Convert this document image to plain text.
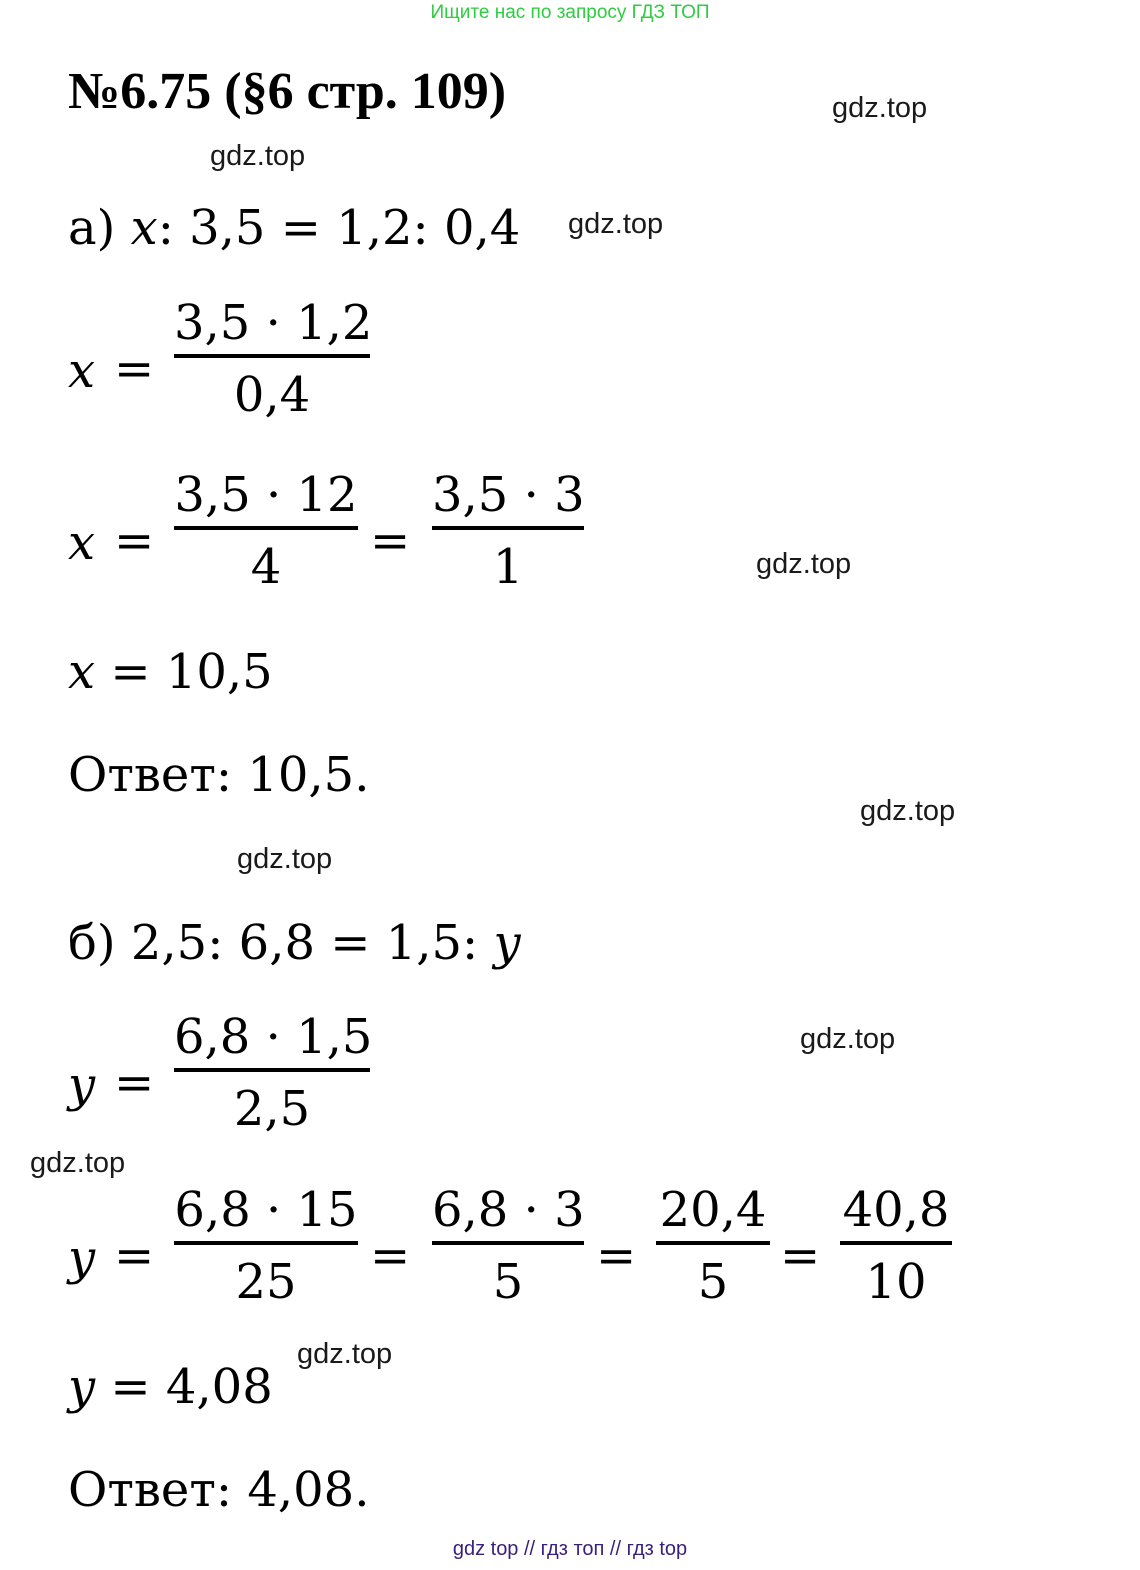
Ищите нас по запросу ГДЗ ТОП
№6.75 (§6 стр. 109)	gdz.top
gdz.top
gdz.top
gdz.top
gdz.top
gdz.top
gdz.top
gdz.top
gdz.top
а) x: 3,5 = 1,2: 0,4
x =
3,5 · 1,2
0,4
x =
3,5 · 12
4	=
3,5 · 3
1
x = 10,5
Ответ: 10,5.
б) 2,5: 6,8 = 1,5: y
y =
6,8 · 1,5
2,5
y =
6,8 · 15
25	=
6,8 · 3
5	=
20,4
5	=
40,8
10
y = 4,08
Ответ: 4,08.
gdz top // гдз топ // гдз top
